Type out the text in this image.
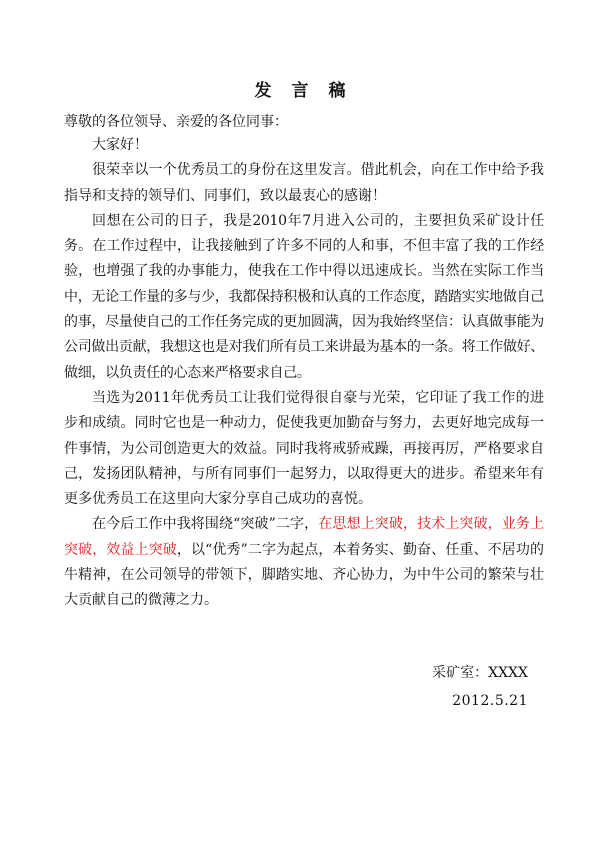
发言稿
尊敬的各位领导、亲爱的各位同事：

大家好！

很荣幸以一个优秀员工的身份在这里发言。借此机会，向在工作中给予我指导和支持的领导们、同事们，致以最衷心的感谢！

回想在公司的日子，我是2010年7月进入公司的，主要担负采矿设计任务。在工作过程中，让我接触到了许多不同的人和事，不但丰富了我的工作经验，也增强了我的办事能力，使我在工作中得以迅速成长。当然在实际工作当中，无论工作量的多与少，我都保持积极和认真的工作态度，踏踏实实地做自己的事，尽量使自己的工作任务完成的更加圆满，因为我始终坚信：认真做事能为公司做出贡献，我想这也是对我们所有员工来讲最为基本的一条。将工作做好、做细，以负责任的心态来严格要求自己。

当选为2011年优秀员工让我们觉得很自豪与光荣，它印证了我工作的进步和成绩。同时它也是一种动力，促使我更加勤奋与努力，去更好地完成每一件事情，为公司创造更大的效益。同时我将戒骄戒躁，再接再厉，严格要求自己，发扬团队精神，与所有同事们一起努力，以取得更大的进步。希望来年有更多优秀员工在这里向大家分享自己成功的喜悦。

在今后工作中我将围绕“突破”二字，在思想上突破，技术上突破，业务上突破，效益上突破，以“优秀”二字为起点，本着务实、勤奋、任重、不居功的牛精神，在公司领导的带领下，脚踏实地、齐心协力，为中牛公司的繁荣与壮大贡献自己的微薄之力。

采矿室：XXXX
2012.5.21
